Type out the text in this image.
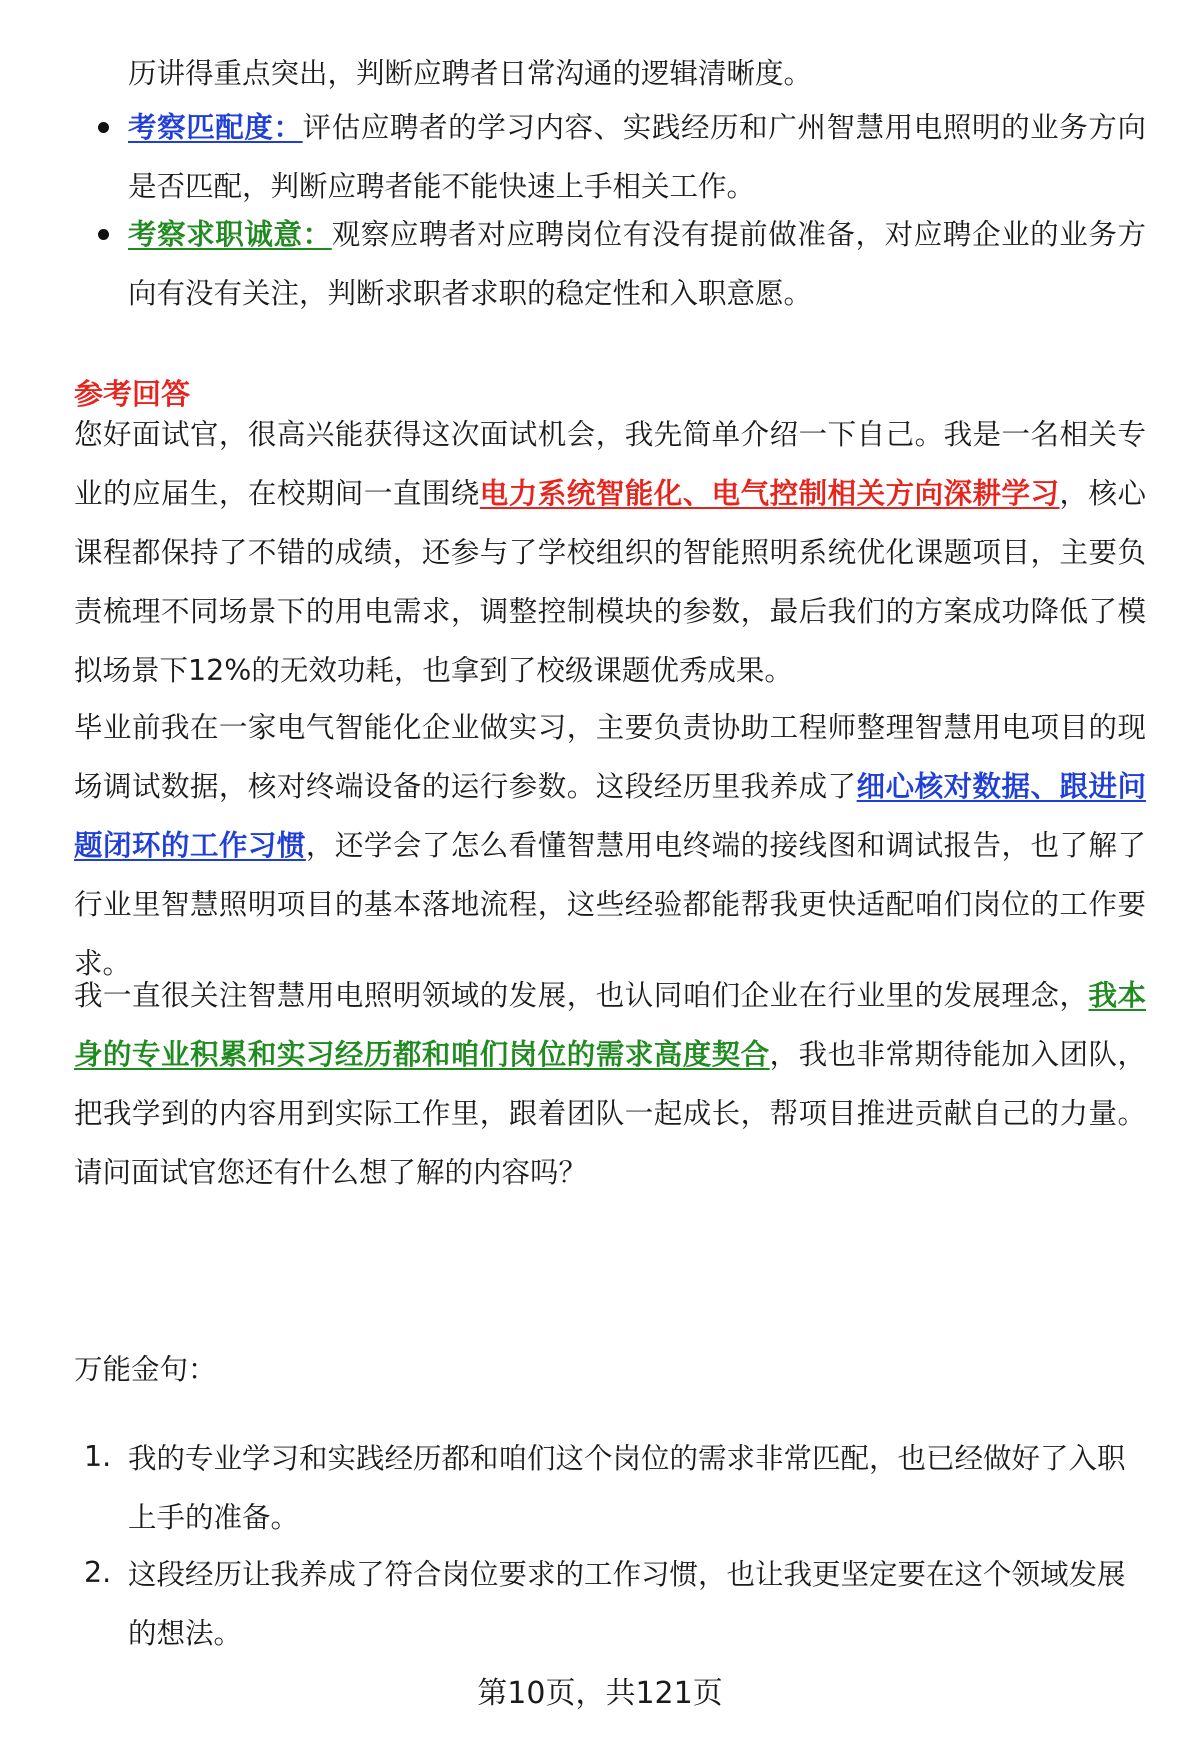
历讲得重点突出，判断应聘者日常沟通的逻辑清晰度。
考察匹配度：评估应聘者的学习内容、实践经历和广州智慧用电照明的业务方向是否匹配，判断应聘者能不能快速上手相关工作。
考察求职诚意：观察应聘者对应聘岗位有没有提前做准备，对应聘企业的业务方向有没有关注，判断求职者求职的稳定性和入职意愿。
参考回答
您好面试官，很高兴能获得这次面试机会，我先简单介绍一下自己。我是一名相关专业的应届生，在校期间一直围绕电力系统智能化、电气控制相关方向深耕学习，核心课程都保持了不错的成绩，还参与了学校组织的智能照明系统优化课题项目，主要负责梳理不同场景下的用电需求，调整控制模块的参数，最后我们的方案成功降低了模拟场景下12%的无效功耗，也拿到了校级课题优秀成果。
毕业前我在一家电气智能化企业做实习，主要负责协助工程师整理智慧用电项目的现场调试数据，核对终端设备的运行参数。这段经历里我养成了细心核对数据、跟进问题闭环的工作习惯，还学会了怎么看懂智慧用电终端的接线图和调试报告，也了解了行业里智慧照明项目的基本落地流程，这些经验都能帮我更快适配咱们岗位的工作要求。
我一直很关注智慧用电照明领域的发展，也认同咱们企业在行业里的发展理念，我本身的专业积累和实习经历都和咱们岗位的需求高度契合，我也非常期待能加入团队，把我学到的内容用到实际工作里，跟着团队一起成长，帮项目推进贡献自己的力量。请问面试官您还有什么想了解的内容吗？
万能金句：
1. 我的专业学习和实践经历都和咱们这个岗位的需求非常匹配，也已经做好了入职上手的准备。
2. 这段经历让我养成了符合岗位要求的工作习惯，也让我更坚定要在这个领域发展的想法。
第10页，共121页
